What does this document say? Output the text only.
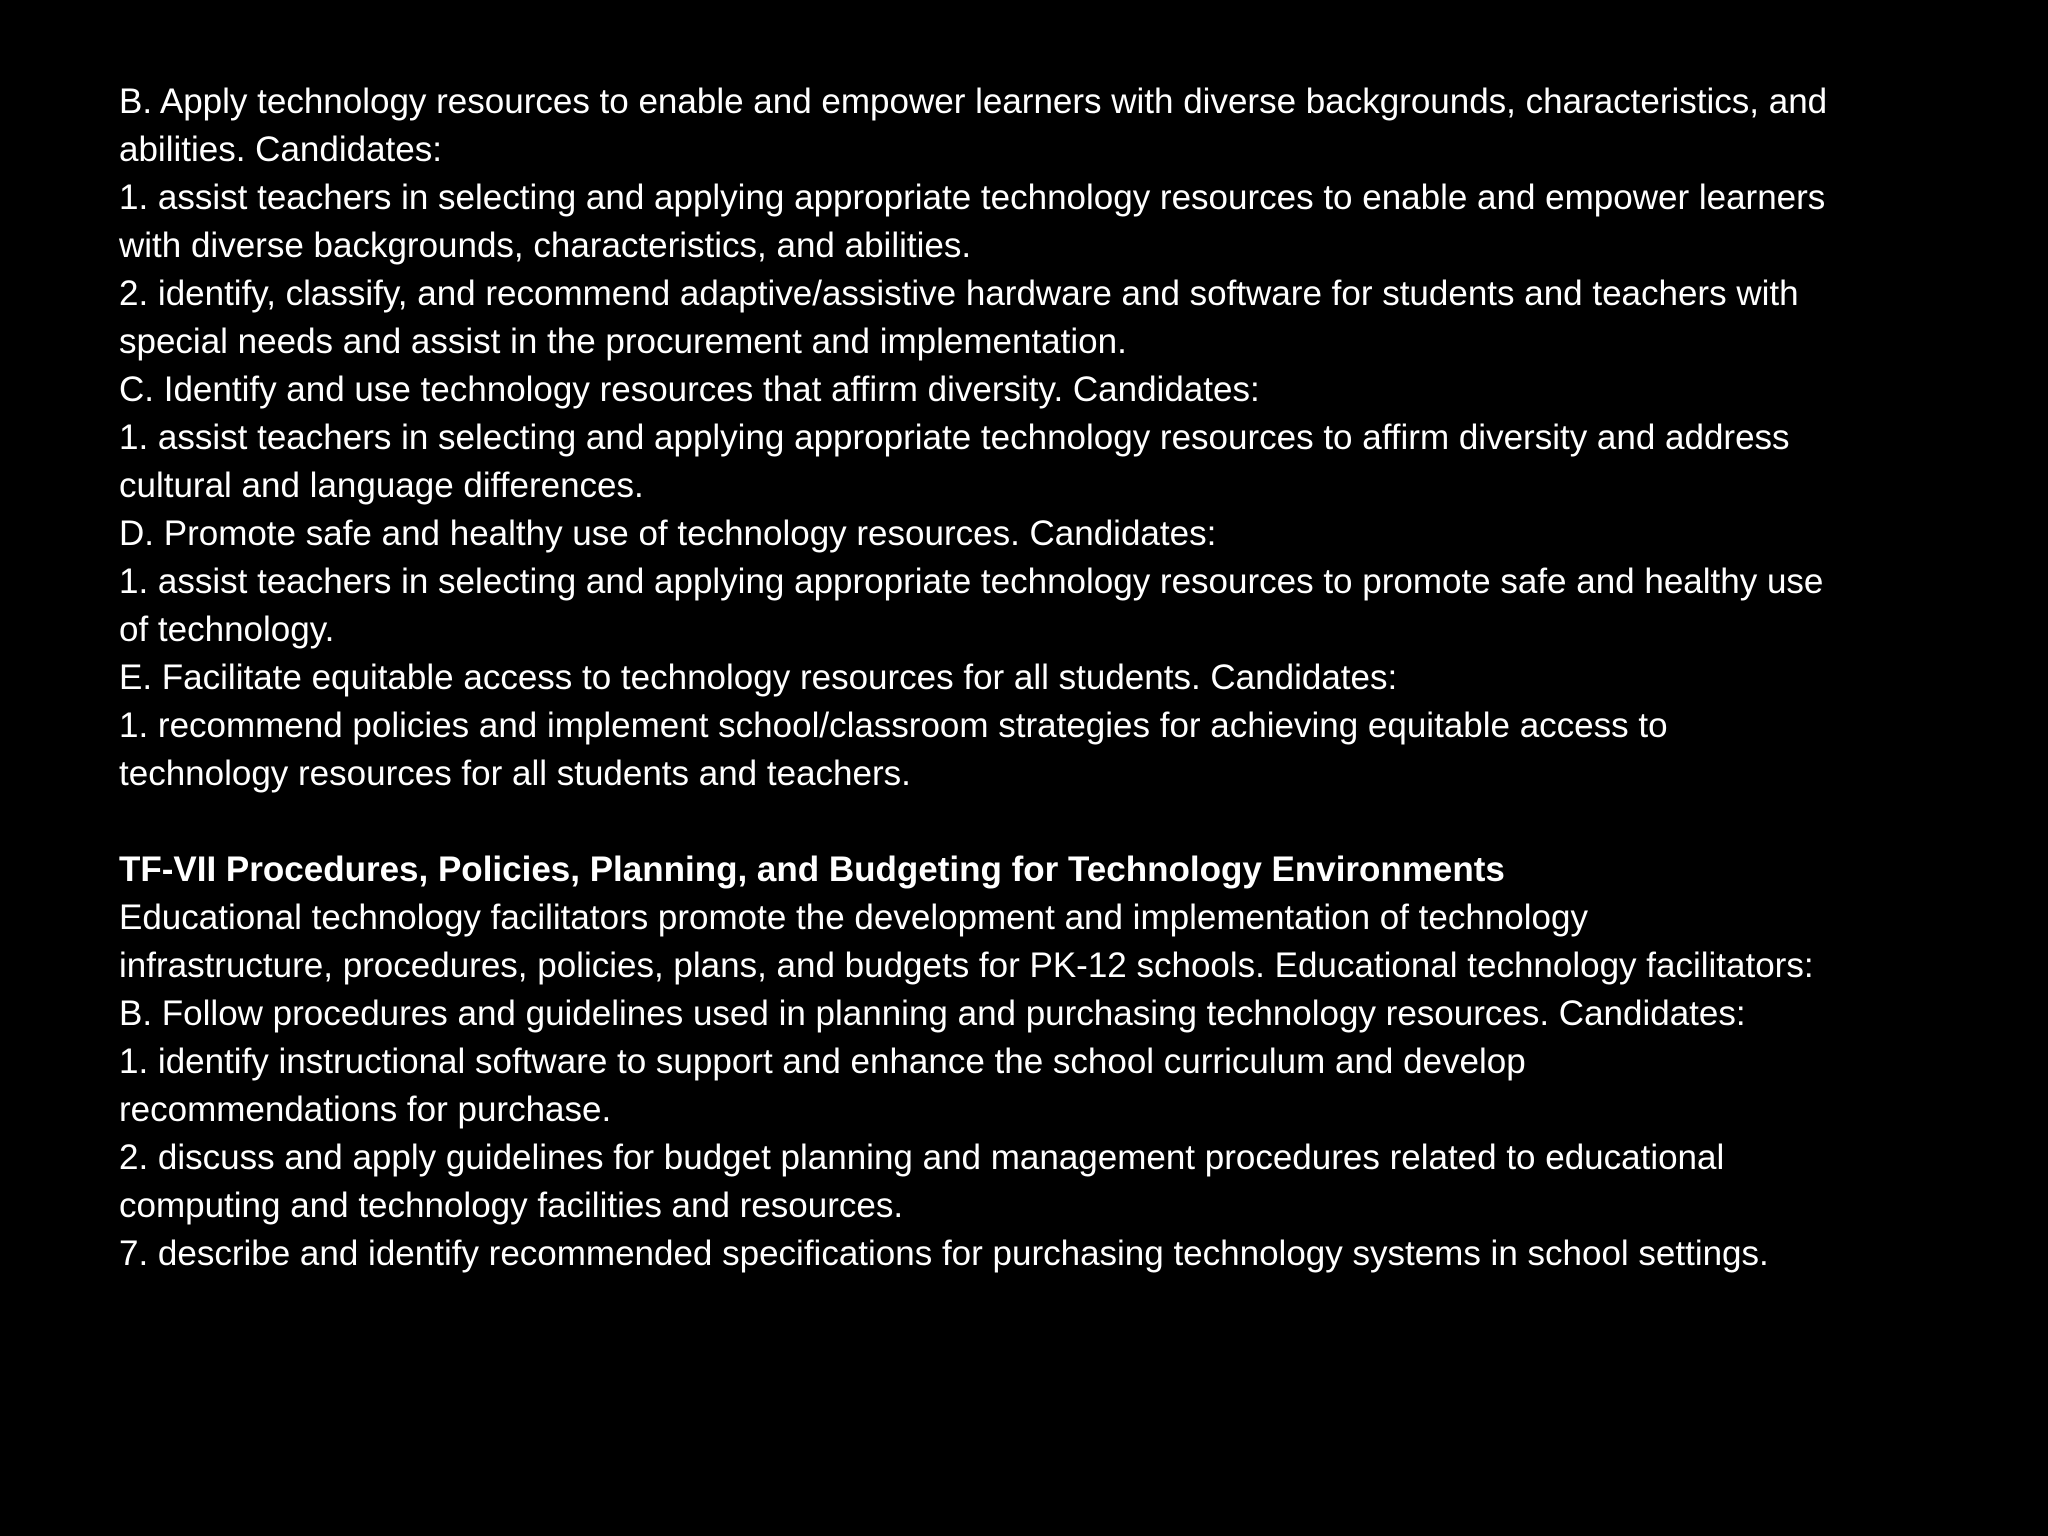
B. Apply technology resources to enable and empower learners with diverse backgrounds, characteristics, and
abilities. Candidates:
1. assist teachers in selecting and applying appropriate technology resources to enable and empower learners
with diverse backgrounds, characteristics, and abilities.
2. identify, classify, and recommend adaptive/assistive hardware and software for students and teachers with
special needs and assist in the procurement and implementation.
C. Identify and use technology resources that affirm diversity. Candidates:
1. assist teachers in selecting and applying appropriate technology resources to affirm diversity and address
cultural and language differences.
D. Promote safe and healthy use of technology resources. Candidates:
1. assist teachers in selecting and applying appropriate technology resources to promote safe and healthy use
of technology.
E. Facilitate equitable access to technology resources for all students. Candidates:
1. recommend policies and implement school/classroom strategies for achieving equitable access to
technology resources for all students and teachers.
TF-VII Procedures, Policies, Planning, and Budgeting for Technology Environments
Educational technology facilitators promote the development and implementation of technology
infrastructure, procedures, policies, plans, and budgets for PK-12 schools. Educational technology facilitators:
B. Follow procedures and guidelines used in planning and purchasing technology resources. Candidates:
1. identify instructional software to support and enhance the school curriculum and develop
recommendations for purchase.
2. discuss and apply guidelines for budget planning and management procedures related to educational
computing and technology facilities and resources.
7. describe and identify recommended specifications for purchasing technology systems in school settings.
